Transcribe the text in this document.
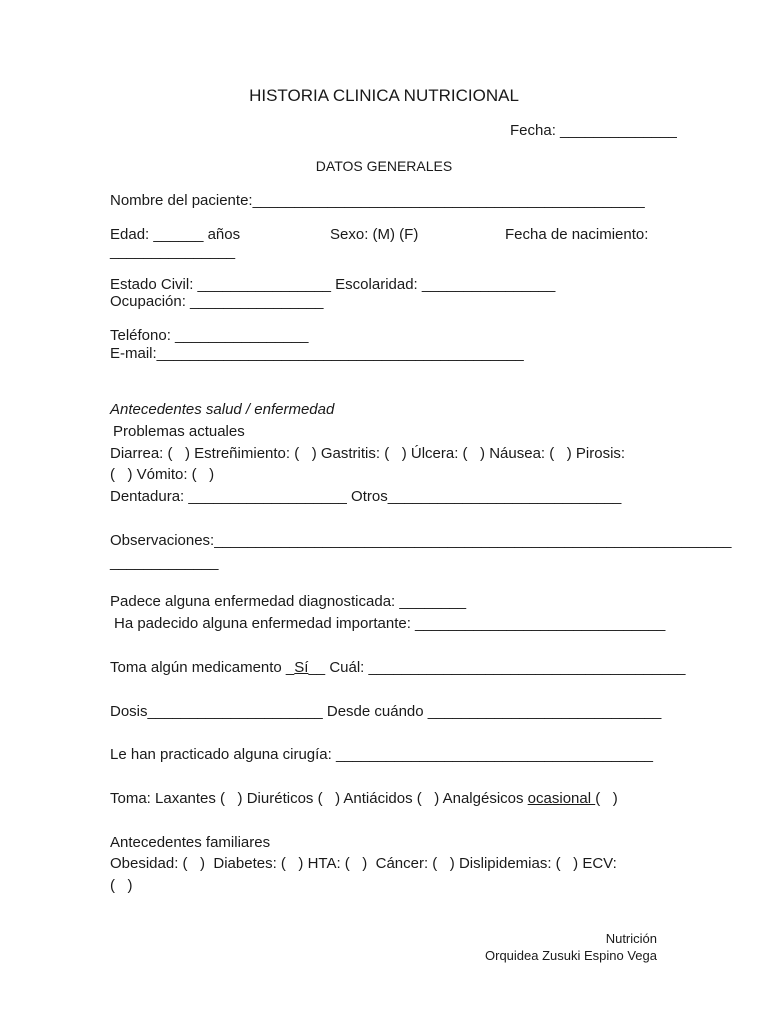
HISTORIA CLINICA NUTRICIONAL
Fecha: ______________
DATOS GENERALES
Nombre del paciente:_______________________________________________
Edad: ______ años	Sexo: (M) (F)	Fecha de nacimiento:
_______________
Estado Civil: ________________ Escolaridad: ________________
Ocupación: ________________
Teléfono: ________________
E-mail:____________________________________________
Antecedentes salud / enfermedad
Problemas actuales
Diarrea: (   ) Estreñimiento: (   ) Gastritis: (   ) Úlcera: (   ) Náusea: (   ) Pirosis:
(   ) Vómito: (   )
Dentadura: ___________________ Otros____________________________
Observaciones:______________________________________________________________
_____________
Padece alguna enfermedad diagnosticada: ________
Ha padecido alguna enfermedad importante: ______________________________
Toma algún medicamento _Sí__ Cuál: ______________________________________
Dosis_____________________ Desde cuándo ____________________________
Le han practicado alguna cirugía: ______________________________________
Toma: Laxantes (   ) Diuréticos (   ) Antiácidos (   ) Analgésicos ocasional (   )
Antecedentes familiares
Obesidad: (   )  Diabetes: (   ) HTA: (   )  Cáncer: (   ) Dislipidemias: (   ) ECV:
(   )
Nutrición
Orquidea Zusuki Espino Vega
